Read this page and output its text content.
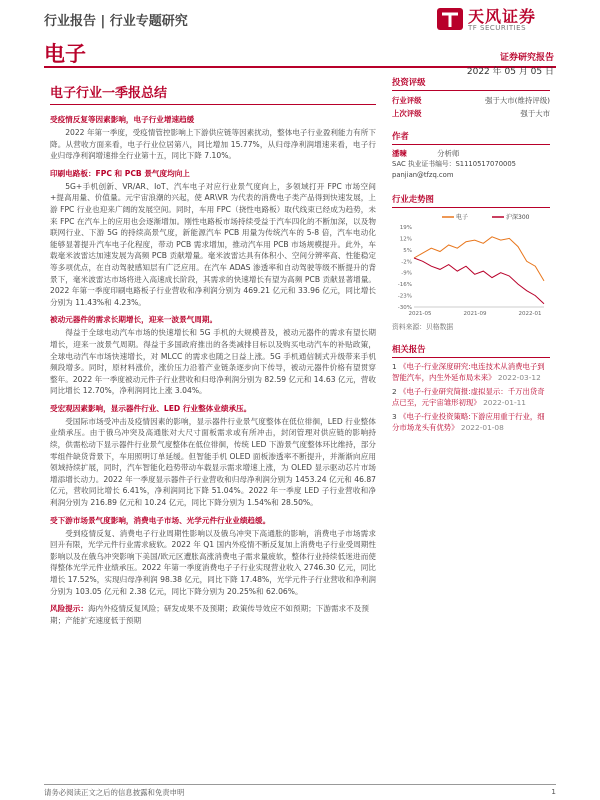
行业报告 | 行业专题研究	天风证券
TF SECURITIES
电子	证券研究报告
2022 年 05 月 05 日
电子行业一季报总结
受疫情反复等因素影响，电子行业增速趋缓
2022 年第一季度，受疫情管控影响上下游供应链等因素扰动，整体电子行业盈利能力有所下降。从营收方面来看，电子行业位居第八，同比增加 15.77%，从归母净利润增速来看，电子行业归母净利润增速排全行业第十五，同比下降 7.10%。
印刷电路板：FPC 和 PCB 景气度均向上
5G+手机创新、VR/AR、IoT、汽车电子对应行业景气度向上，多领域打开 FPC 市场空间+提高用量、价值量。元宇宙浪潮的兴起，使 AR\VR 为代表的消费电子类产品得到快速发展，上游 FPC 行业也迎来广阔的发展空间。同时，车用 FPC（挠性电路板）取代线束已经成为趋势，未来 FPC 在汽车上的应用也会逐渐增加。刚性电路板市场持续受益于汽车四化的不断加深，以及物联网行业、下游 5G 的持续高景气度，新能源汽车 PCB 用量为传统汽车的 5-8 倍，汽车电动化能够显著提升汽车电子化程度，带动 PCB 需求增加，推动汽车用 PCB 市场规模提升。此外，车载毫米波雷达加速发展为高频 PCB 贡献增量。毫米波雷达具有体积小、空间分辨率高、性能稳定等多项优点，在自动驾驶感知层有广泛应用。在汽车 ADAS 渗透率和自动驾驶等级不断提升的背景下，毫米波雷达市场将进入高速成长阶段，其需求的快速增长有望为高频 PCB 贡献显著增量。2022 年第一季度印刷电路板子行业营收和净利润分别为 469.21 亿元和 33.96 亿元，同比增长分别为 11.43%和 4.23%。
被动元器件的需求长期增长，迎来一波景气周期。
得益于全球电动汽车市场的快速增长和 5G 手机的大规模普及，被动元器件的需求有望长期增长，迎来一波景气周期。得益于多国政府推出的各类减排目标以及购买电动汽车的补贴政策，全球电动汽车市场快速增长，对 MLCC 的需求也随之日益上涨。5G 手机通信制式升级带来手机频段增多。同时，原材料涨价，涨价压力沿着产业链条逐步向下传导，被动元器件价格有望贯穿整年。2022 年一季度被动元件子行业营收和归母净利润分别为 82.59 亿元和 14.63 亿元，营收同比增长 12.70%，净利润同比上涨 3.04%。
受宏观因素影响，显示器件行业、LED 行业整体业绩承压。
受国际市场受冲击及疫情因素的影响，显示器件行业景气度整体在低位徘徊，LED 行业整体业绩承压。由于俄乌冲突及高通胀对大尺寸面板需求或有所冲击，封闭管理对供应链的影响持续，供需松动下显示器件行业景气度整体在低位徘徊，传统 LED 下游景气度整体环比维持，部分零组件缺货背景下，车用照明订单延缓。但智能手机 OLED 面板渗透率不断提升，并渐渐向应用领域持续扩展，同时，汽车智能化趋势带动车载显示需求增速上涨，为 OLED 显示驱动芯片市场增添增长动力。2022 年一季度显示器件子行业营收和归母净利润分别为 1453.24 亿元和 46.87 亿元，营收同比增长 6.41%，净利润同比下降 51.04%。2022 年一季度 LED 子行业营收和净利润分别为 216.89 亿元和 10.24 亿元，同比下降分别为 1.54%和 28.50%。
受下游市场景气度影响，消费电子市场、光学元件行业业绩趋缓。
受到疫情反复、消费电子行业周期性影响以及俄乌冲突下高通胀的影响，消费电子市场需求回升有限，光学元件行业需求疲软。2022 年 Q1 国内外疫情不断反复加上消费电子行业受周期性影响以及在俄乌冲突影响下美国/欧元区遭胀高涨消费电子需求量疲软，整体行业持续低迷进而使得整体光学元件业绩承压。2022 年第一季度消费电子子行业实现营业收入 2746.30 亿元，同比增长 17.52%，实现归母净利润 98.38 亿元，同比下降 17.48%，光学元件子行业营收和净利润分别为 103.05 亿元和 2.38 亿元，同比下降分别为 20.25%和 62.06%。
风险提示：海内外疫情反复风险；研发成果不及预期；政策传导效应不如预期；下游需求不及预期；产能扩充速度低于预期
投资评级
行业评级	强于大市(维持评级)
上次评级	强于大市
作者
潘暕	分析师
SAC 执业证书编号：S1110517070005
panjian@tfzq.com
行业走势图
19%
12%
5%
-2%
-9%
-16%
-23%
-30%
2021-05	2021-09	2022-01
电子	沪深300
资料来源：贝格数据
相关报告
1 《电子-行业深度研究:电连技术从消费电子到智能汽车，内生外延布局未来》 2022-03-12
2 《电子-行业研究简报:虚拟显示：千万出货奇点已至，元宇宙雏形初现》 2022-01-11
3 《电子-行业投资策略:下游应用重于行业，细分市场龙头有优势》 2022-01-08
请务必阅读正文之后的信息披露和免责申明	1
